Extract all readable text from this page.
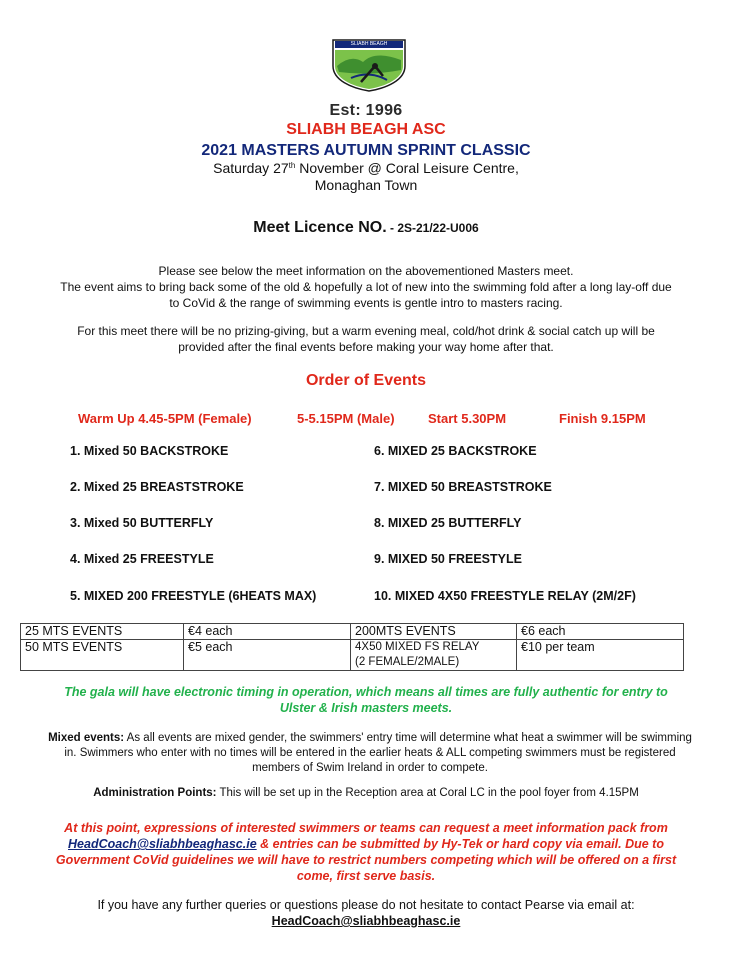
SLIABH BEAGH
Est: 1996
SLIABH BEAGH ASC
2021 MASTERS AUTUMN SPRINT CLASSIC
Saturday 27th November @ Coral Leisure Centre,
Monaghan Town
Meet Licence NO. - 2S-21/22-U006
Please see below the meet information on the abovementioned Masters meet.
The event aims to bring back some of the old & hopefully a lot of new into the swimming fold after a long lay-off due
to CoVid & the range of swimming events is gentle intro to masters racing.
For this meet there will be no prizing-giving, but a warm evening meal, cold/hot drink & social catch up will be
provided after the final events before making your way home after that.
Order of Events
Warm Up 4.45-5PM (Female)	5-5.15PM (Male)	Start 5.30PM	Finish 9.15PM
1. Mixed 50 BACKSTROKE
2. Mixed 25 BREASTSTROKE
3. Mixed 50 BUTTERFLY
4. Mixed 25 FREESTYLE
5. MIXED 200 FREESTYLE (6HEATS MAX)
6. MIXED 25 BACKSTROKE
7. MIXED 50 BREASTSTROKE
8. MIXED 25 BUTTERFLY
9. MIXED 50 FREESTYLE
10. MIXED 4X50 FREESTYLE RELAY (2M/2F)
25 MTS EVENTS	€4 each	200MTS EVENTS	€6 each
50 MTS EVENTS	€5 each	4X50 MIXED FS RELAY
(2 FEMALE/2MALE)	€10 per team
The gala will have electronic timing in operation, which means all times are fully authentic for entry to
Ulster & Irish masters meets.
Mixed events: As all events are mixed gender, the swimmers' entry time will determine what heat a swimmer will be swimming
in. Swimmers who enter with no times will be entered in the earlier heats & ALL competing swimmers must be registered
members of Swim Ireland in order to compete.
Administration Points: This will be set up in the Reception area at Coral LC in the pool foyer from 4.15PM
At this point, expressions of interested swimmers or teams can request a meet information pack from
HeadCoach@sliabhbeaghasc.ie & entries can be submitted by Hy-Tek or hard copy via email. Due to
Government CoVid guidelines we will have to restrict numbers competing which will be offered on a first
come, first serve basis.
If you have any further queries or questions please do not hesitate to contact Pearse via email at:
HeadCoach@sliabhbeaghasc.ie
